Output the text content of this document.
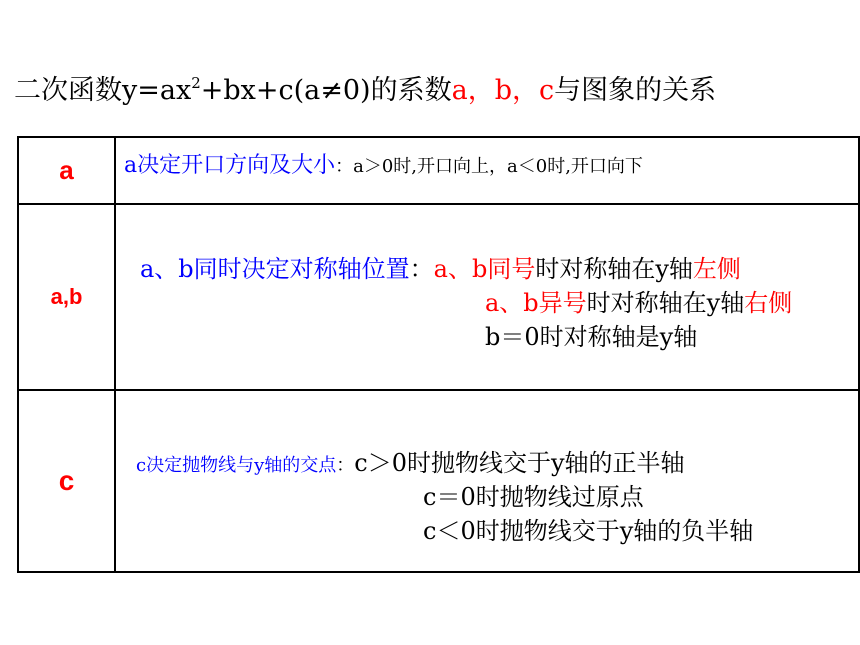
二次函数$y=ax^2+bx+c(a\ne 0)$的系数a，b，c与图象的关系
a	a决定开口方向及大小：a＞0时,开口向上，a＜0时,开口向下

a,b	a、b同时决定对称轴位置：a、b同号时对称轴在y轴左侧
a、b异号时对称轴在y轴右侧
b＝0时对称轴是y轴

c	c决定抛物线与y轴的交点：c＞0时抛物线交于y轴的正半轴
c＝0时抛物线过原点
c＜0时抛物线交于y轴的负半轴
